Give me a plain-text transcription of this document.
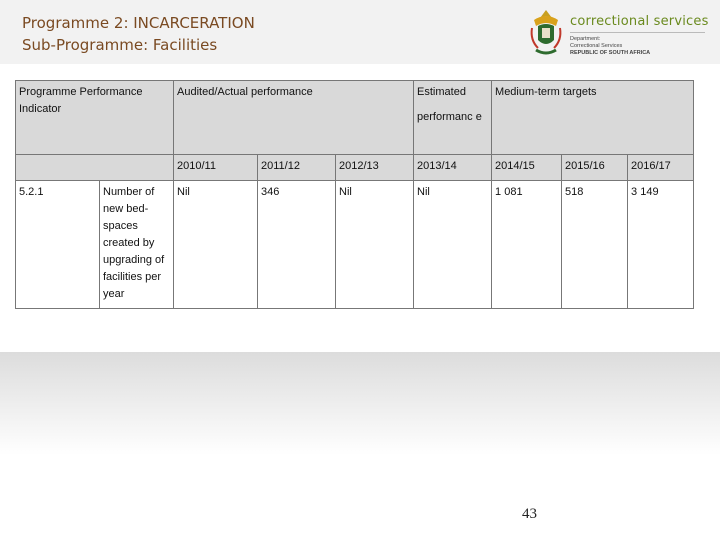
Programme 2: INCARCERATION
Sub-Programme: Facilities
correctional services
Department:
Correctional Services
REPUBLIC OF SOUTH AFRICA
Programme Performance Indicator		Audited/Actual performance			Estimated
performanc e	Medium-term targets		
		2010/11	2011/12	2012/13	2013/14	2014/15	2015/16	2016/17
5.2.1	Number of new bed-spaces created by upgrading of facilities per year	Nil	346	Nil	Nil	1 081	518	3 149
43
